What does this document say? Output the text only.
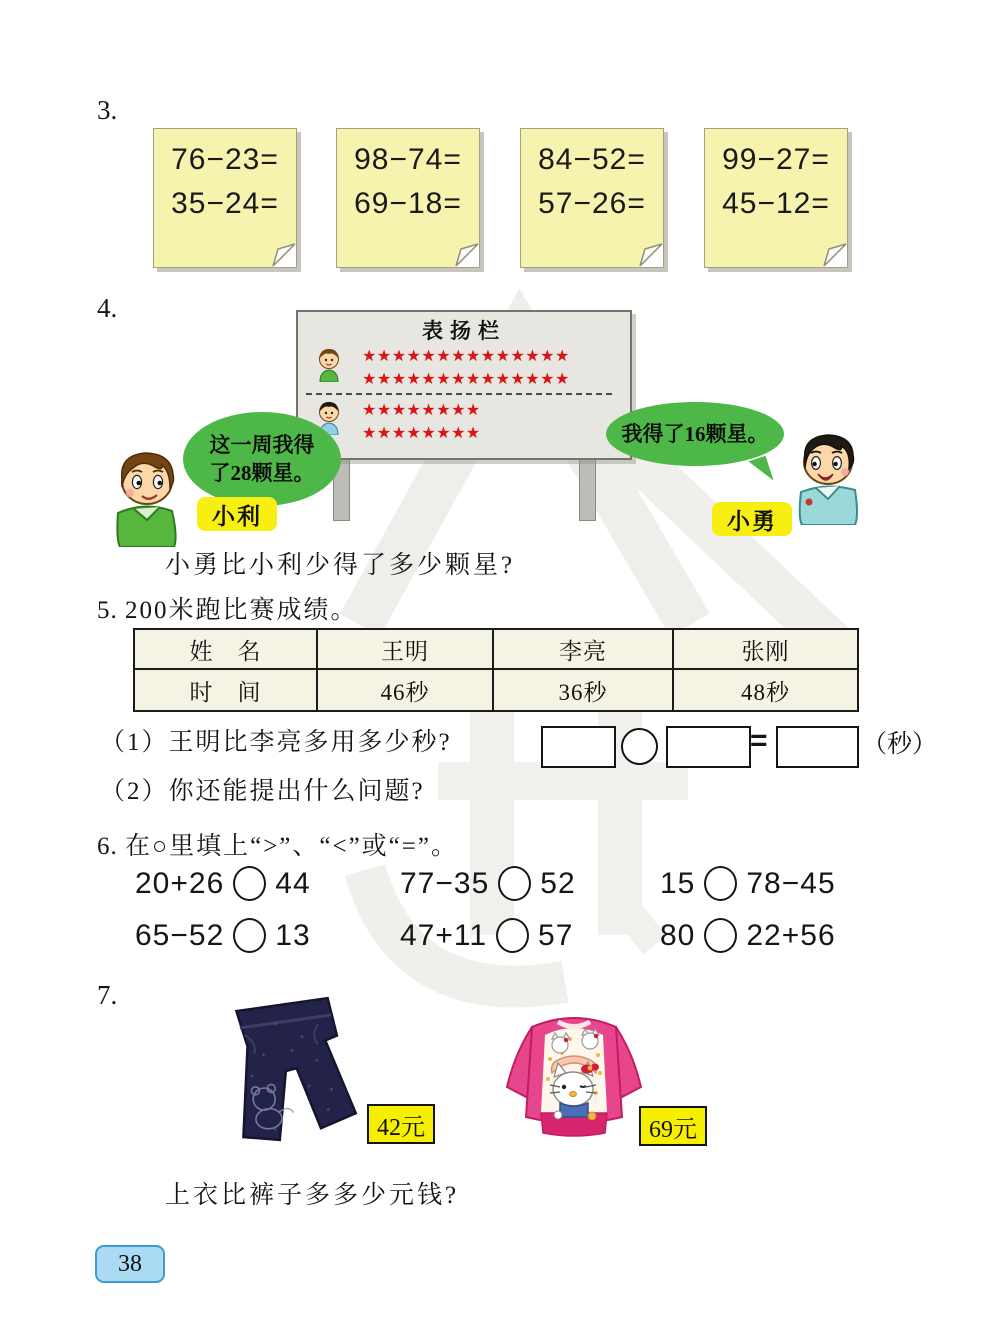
3.
76−23=
35−24=
98−74=
69−18=
84−52=
57−26=
99−27=
45−12=
4.
表扬栏
★★★★★★★★★★★★★★
★★★★★★★★★★★★★★
★★★★★★★★
★★★★★★★★
这一周我得
了28颗星。
小利
我得了16颗星。
小勇
小勇比小利少得了多少颗星?
5. 200米跑比赛成绩。
姓　名	王明	李亮	张刚
时　间	46秒	36秒	48秒
（1）王明比李亮多用多少秒?	=	（秒）
（2）你还能提出什么问题?
6. 在○里填上“>”、“<”或“=”。
20+26 44	77−35 52	15 78−45
65−52 13	47+11 57	80 22+56
7.
42元	69元
上衣比裤子多多少元钱?
38
